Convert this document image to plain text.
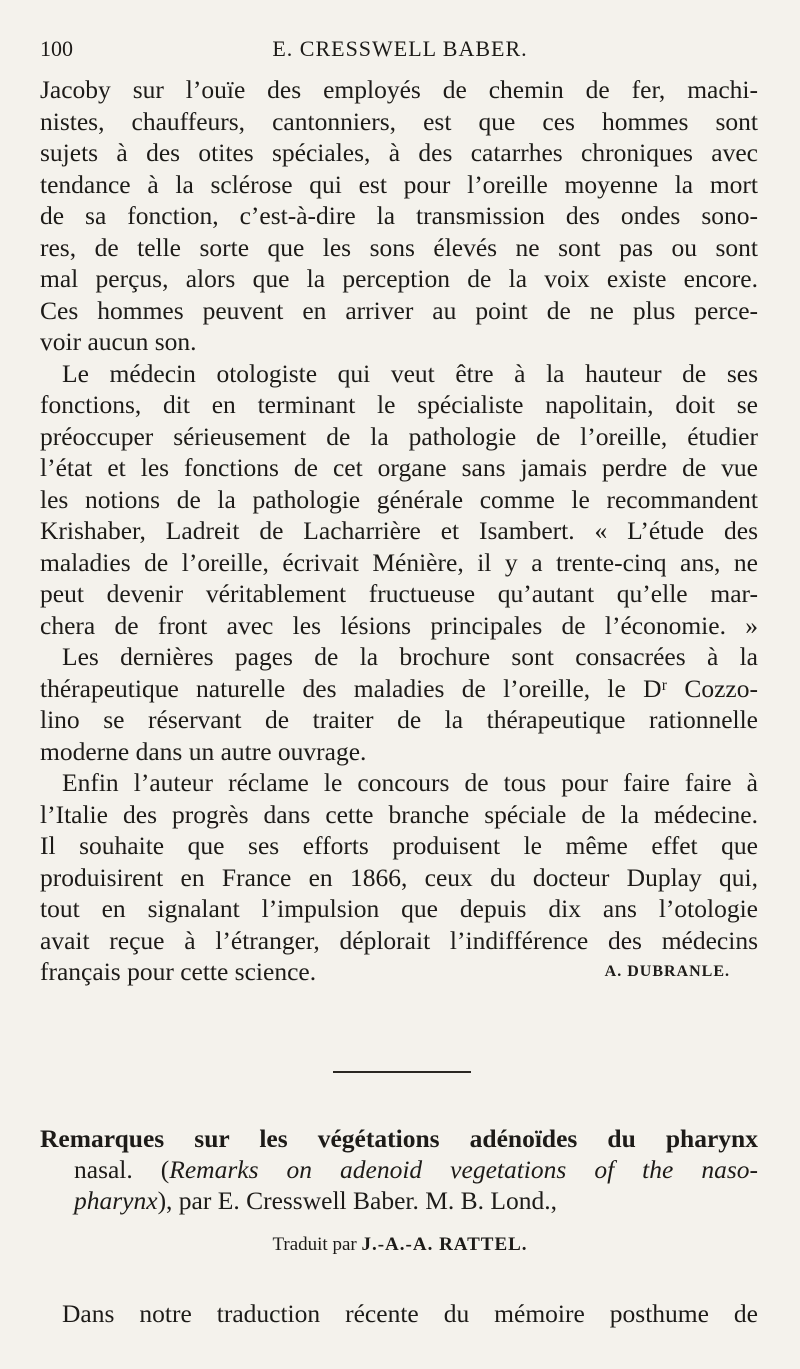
100	E. CRESSWELL BABER.
Jacoby sur l’ouïe des employés de chemin de fer, machi-
nistes, chauffeurs, cantonniers, est que ces hommes sont
sujets à des otites spéciales, à des catarrhes chroniques avec
tendance à la sclérose qui est pour l’oreille moyenne la mort
de sa fonction, c’est-à-dire la transmission des ondes sono-
res, de telle sorte que les sons élevés ne sont pas ou sont
mal perçus, alors que la perception de la voix existe encore.
Ces hommes peuvent en arriver au point de ne plus perce-
voir aucun son.
Le médecin otologiste qui veut être à la hauteur de ses
fonctions, dit en terminant le spécialiste napolitain, doit se
préoccuper sérieusement de la pathologie de l’oreille, étudier
l’état et les fonctions de cet organe sans jamais perdre de vue
les notions de la pathologie générale comme le recommandent
Krishaber, Ladreit de Lacharrière et Isambert. « L’étude des
maladies de l’oreille, écrivait Ménière, il y a trente-cinq ans, ne
peut devenir véritablement fructueuse qu’autant qu’elle mar-
chera de front avec les lésions principales de l’économie. »
Les dernières pages de la brochure sont consacrées à la
thérapeutique naturelle des maladies de l’oreille, le Dʳ Cozzo-
lino se réservant de traiter de la thérapeutique rationnelle
moderne dans un autre ouvrage.
Enfin l’auteur réclame le concours de tous pour faire faire à
l’Italie des progrès dans cette branche spéciale de la médecine.
Il souhaite que ses efforts produisent le même effet que
produisirent en France en 1866, ceux du docteur Duplay qui,
tout en signalant l’impulsion que depuis dix ans l’otologie
avait reçue à l’étranger, déplorait l’indifférence des médecins
français pour cette science.	A. DUBRANLE.
Remarques sur les végétations adénoïdes du pharynx
nasal. (Remarks on adenoid vegetations of the naso-
pharynx), par E. Cresswell Baber. M. B. Lond.,
Traduit par J.-A.-A. RATTEL.
Dans notre traduction récente du mémoire posthume de
